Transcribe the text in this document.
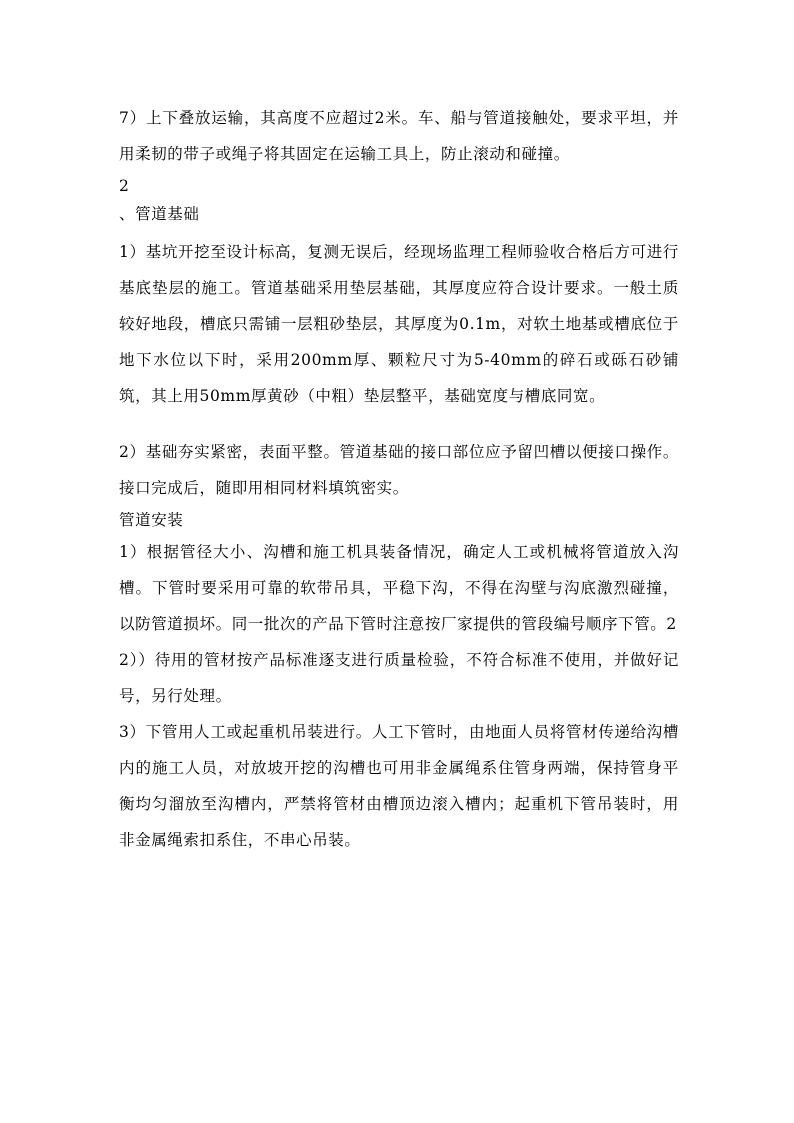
7）上下叠放运输，其高度不应超过2米。车、船与管道接触处，要求平坦，并用柔韧的带子或绳子将其固定在运输工具上，防止滚动和碰撞。

2

、管道基础

1）基坑开挖至设计标高，复测无误后，经现场监理工程师验收合格后方可进行基底垫层的施工。管道基础采用垫层基础，其厚度应符合设计要求。一般土质较好地段，槽底只需铺一层粗砂垫层，其厚度为0.1m，对软土地基或槽底位于地下水位以下时，采用200mm厚、颗粒尺寸为5-40mm的碎石或砾石砂铺筑，其上用50mm厚黄砂（中粗）垫层整平，基础宽度与槽底同宽。

2）基础夯实紧密，表面平整。管道基础的接口部位应予留凹槽以便接口操作。接口完成后，随即用相同材料填筑密实。

管道安装

1）根据管径大小、沟槽和施工机具装备情况，确定人工或机械将管道放入沟槽。下管时要采用可靠的软带吊具，平稳下沟，不得在沟壁与沟底激烈碰撞，以防管道损坏。同一批次的产品下管时注意按厂家提供的管段编号顺序下管。2

2））待用的管材按产品标准逐支进行质量检验，不符合标准不使用，并做好记号，另行处理。

3）下管用人工或起重机吊装进行。人工下管时，由地面人员将管材传递给沟槽内的施工人员，对放坡开挖的沟槽也可用非金属绳系住管身两端，保持管身平衡均匀溜放至沟槽内，严禁将管材由槽顶边滚入槽内；起重机下管吊装时，用非金属绳索扣系住，不串心吊装。
